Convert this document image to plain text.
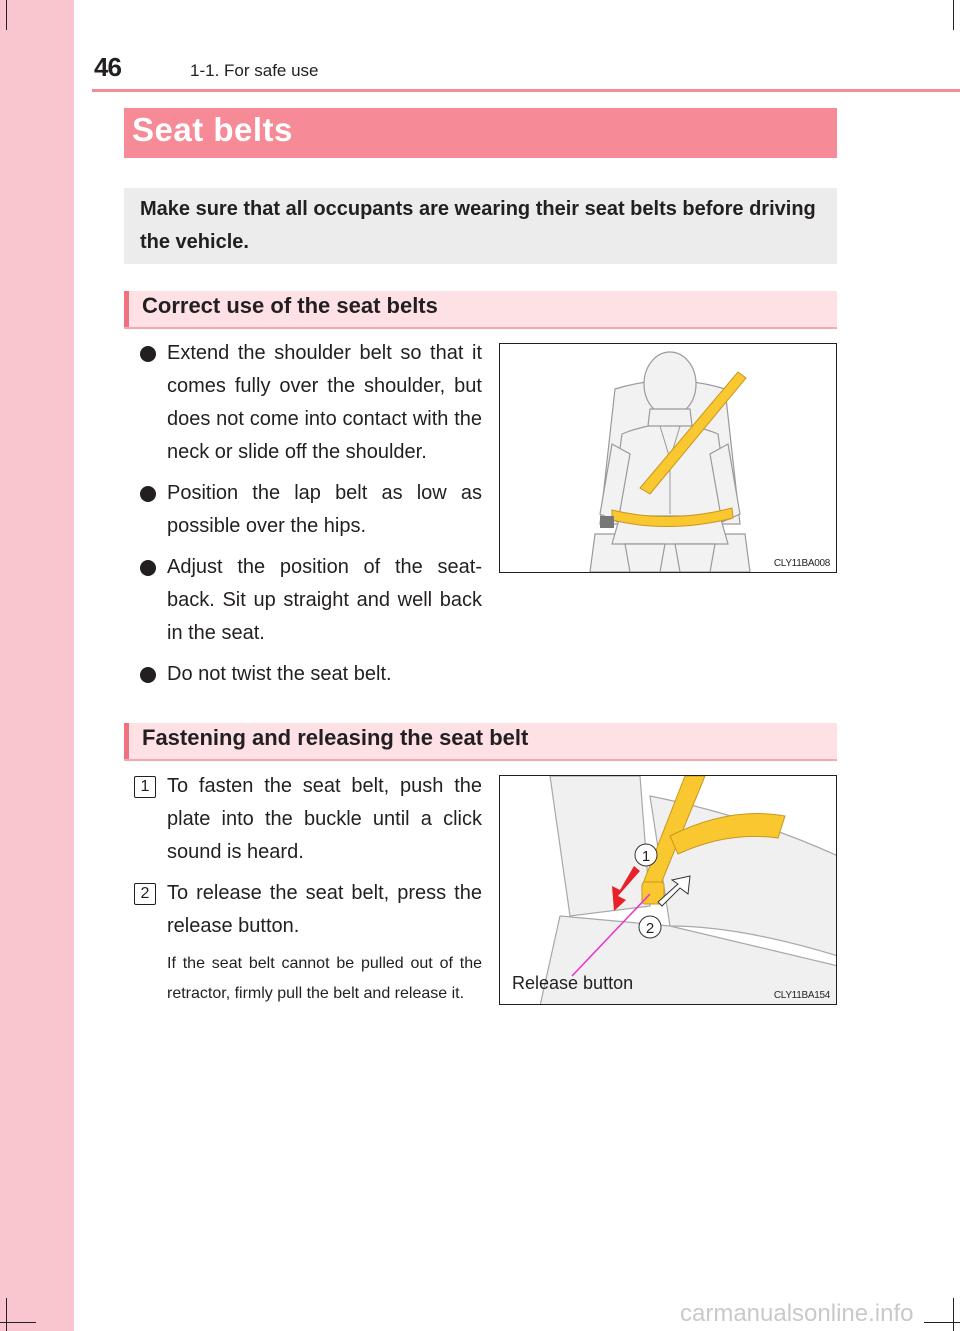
46	1-1. For safe use
Seat belts
Make sure that all occupants are wearing their seat belts before driving the vehicle.
Correct use of the seat belts
Extend the shoulder belt so that it comes fully over the shoulder, but does not come into contact with the neck or slide off the shoulder.
Position the lap belt as low as possible over the hips.
Adjust the position of the seat-back. Sit up straight and well back in the seat.
Do not twist the seat belt.
CLY11BA008
Fastening and releasing the seat belt
1 To fasten the seat belt, push the plate into the buckle until a click sound is heard.
2 To release the seat belt, press the release button.

If the seat belt cannot be pulled out of the retractor, firmly pull the belt and release it.

1
2
Release button
CLY11BA154
carmanualsonline.info
